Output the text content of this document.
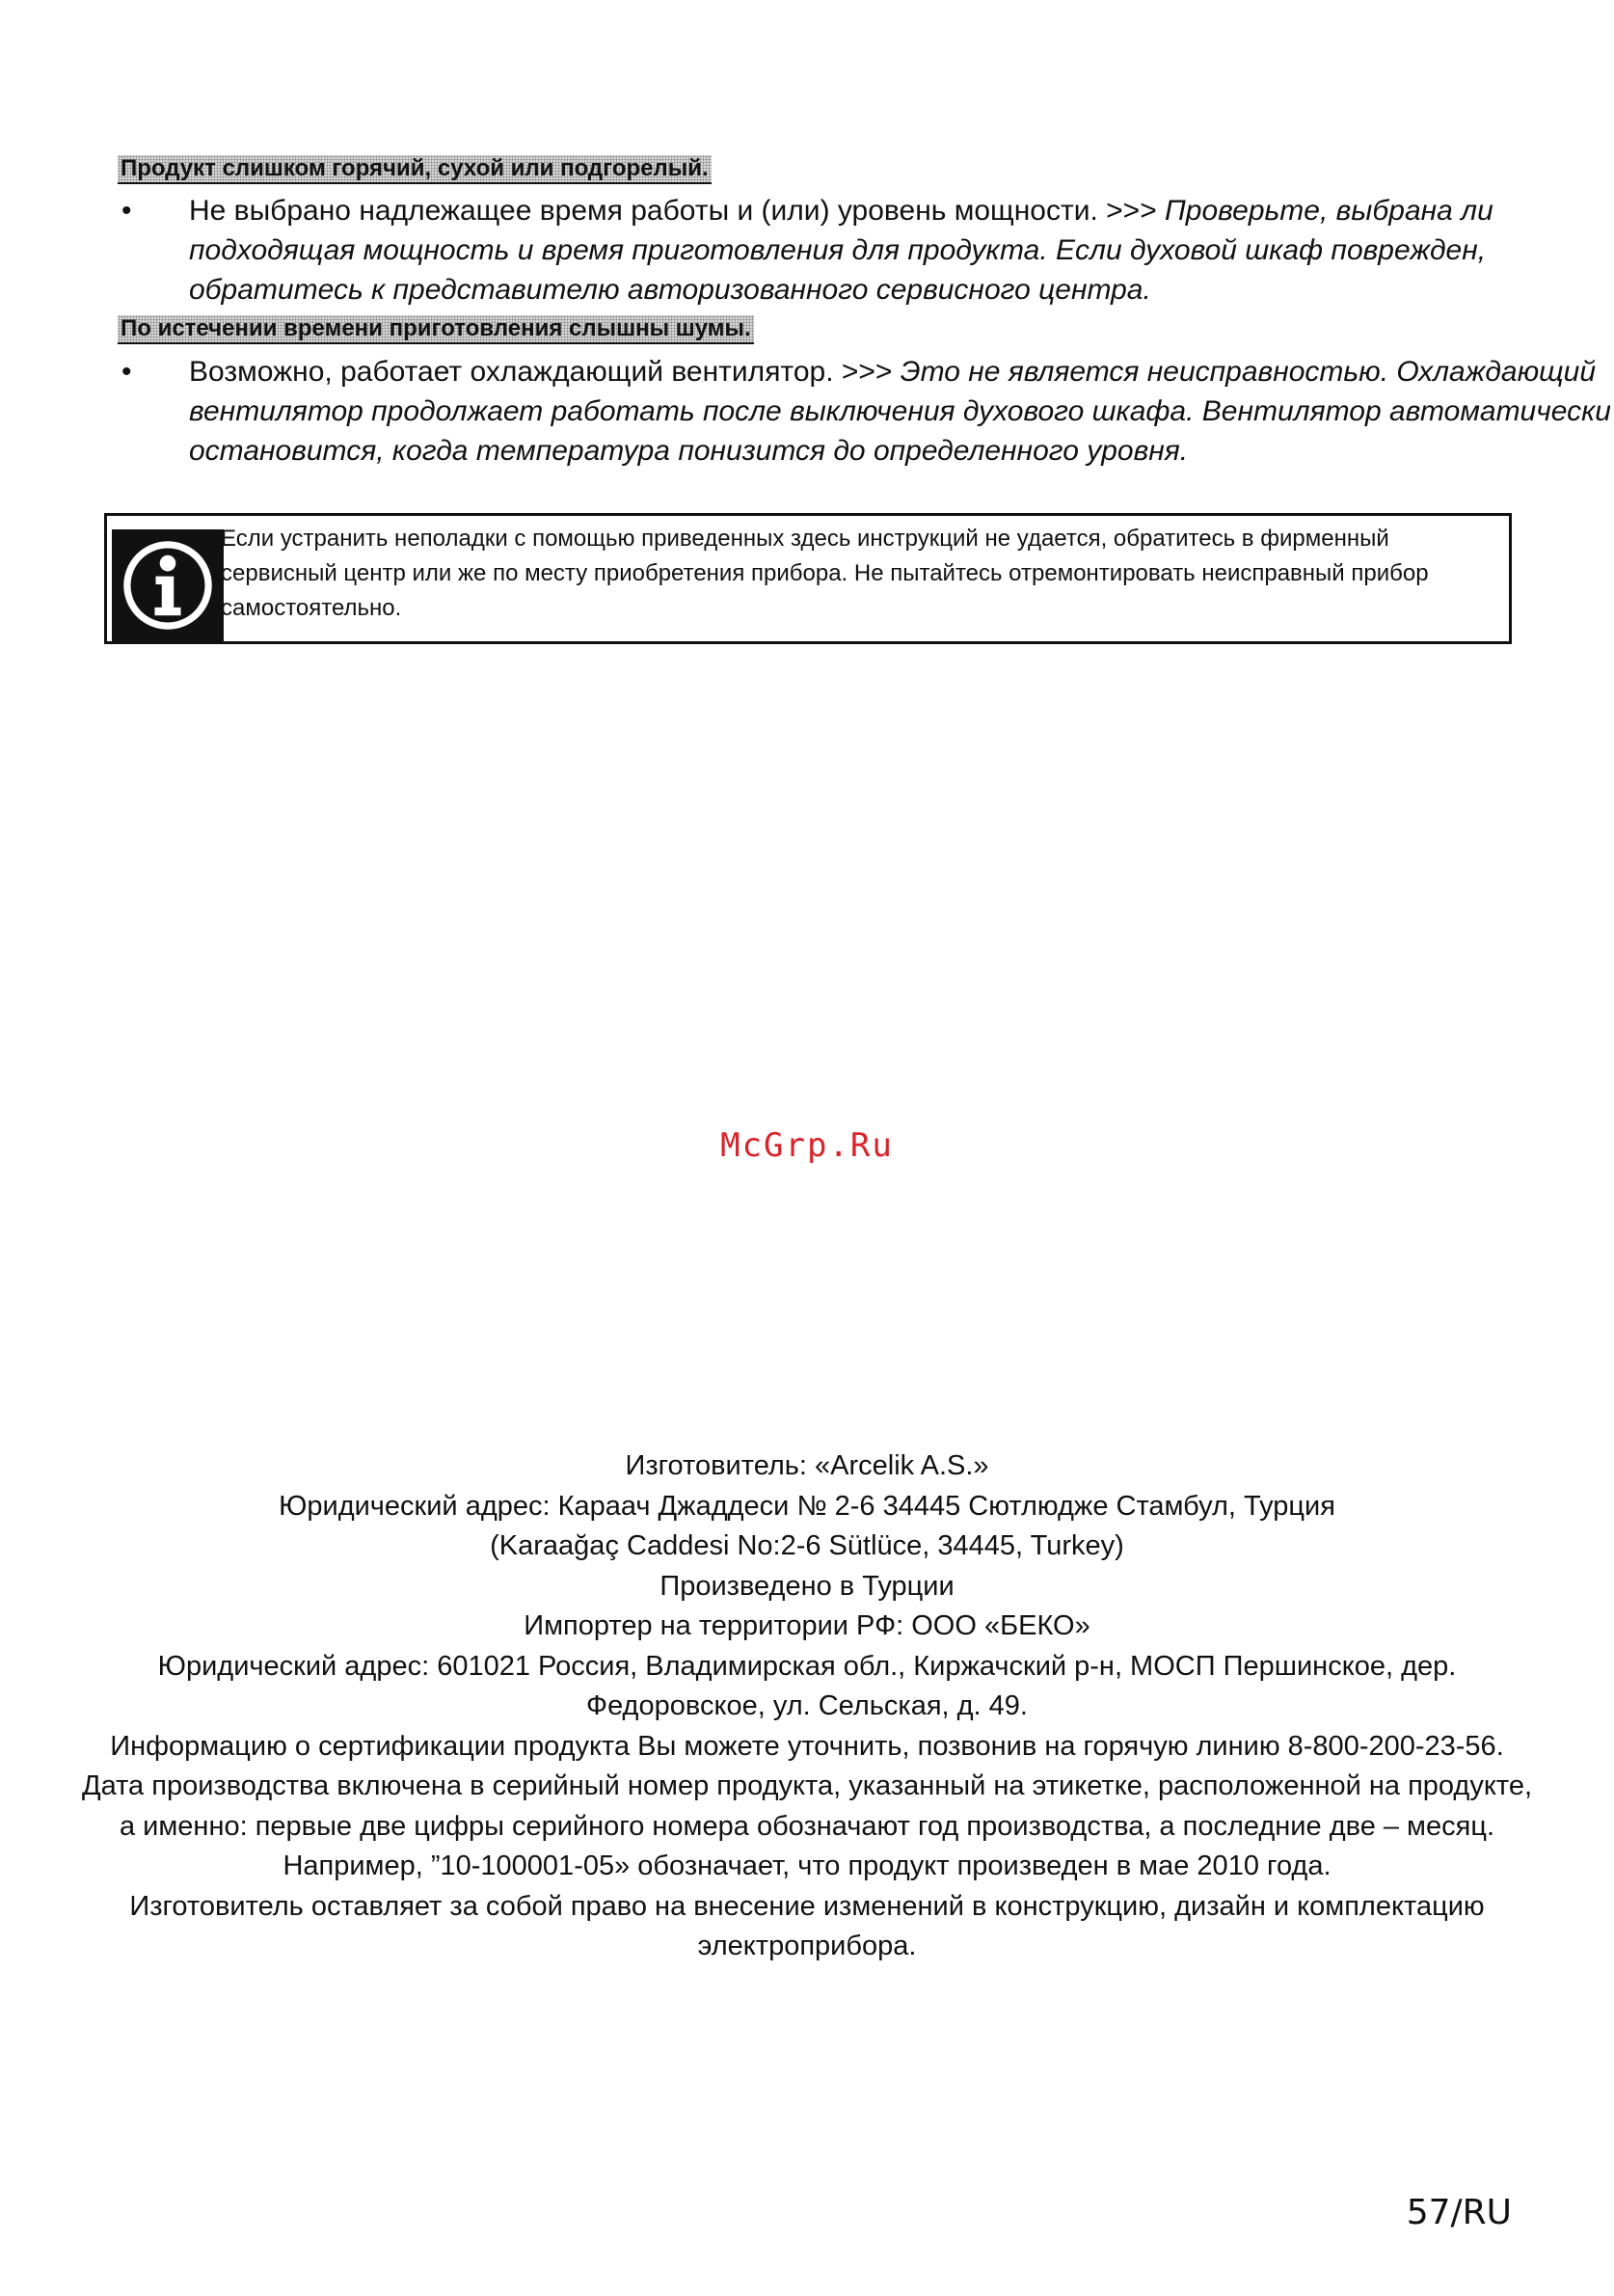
Продукт слишком горячий, сухой или подгорелый.
•	Не выбрано надлежащее время работы и (или) уровень мощности. >>> Проверьте, выбрана ли подходящая мощность и время приготовления для продукта. Если духовой шкаф поврежден, обратитесь к представителю авторизованного сервисного центра.
По истечении времени приготовления слышны шумы.
•	Возможно, работает охлаждающий вентилятор. >>> Это не является неисправностью. Охлаждающий вентилятор продолжает работать после выключения духового шкафа. Вентилятор автоматически остановится, когда температура понизится до определенного уровня.
Если устранить неполадки с помощью приведенных здесь инструкций не удается, обратитесь в фирменный сервисный центр или же по месту приобретения прибора. Не пытайтесь отремонтировать неисправный прибор самостоятельно.
McGrp.Ru

Изготовитель: «Arcelik A.S.»

Юридический адрес: Караач Джаддеси № 2-6 34445 Сютлюдже Стамбул, Турция

(Karaağaç Caddesi No:2-6 Sütlüce, 34445, Turkey)

Произведено в Турции

Импортер на территории РФ: ООО «БЕКО»

Юридический адрес: 601021 Россия, Владимирская обл., Киржачский р-н, МОСП Першинское, дер. Федоровское, ул. Сельская, д. 49.

Информацию о сертификации продукта Вы можете уточнить, позвонив на горячую линию 8-800-200-23-56.

Дата производства включена в серийный номер продукта, указанный на этикетке, расположенной на продукте, а именно: первые две цифры серийного номера обозначают год производства, а последние две – месяц. Например, ”10-100001-05» обозначает, что продукт произведен в мае 2010 года.

Изготовитель оставляет за собой право на внесение изменений в конструкцию, дизайн и комплектацию электроприбора.

57/RU
